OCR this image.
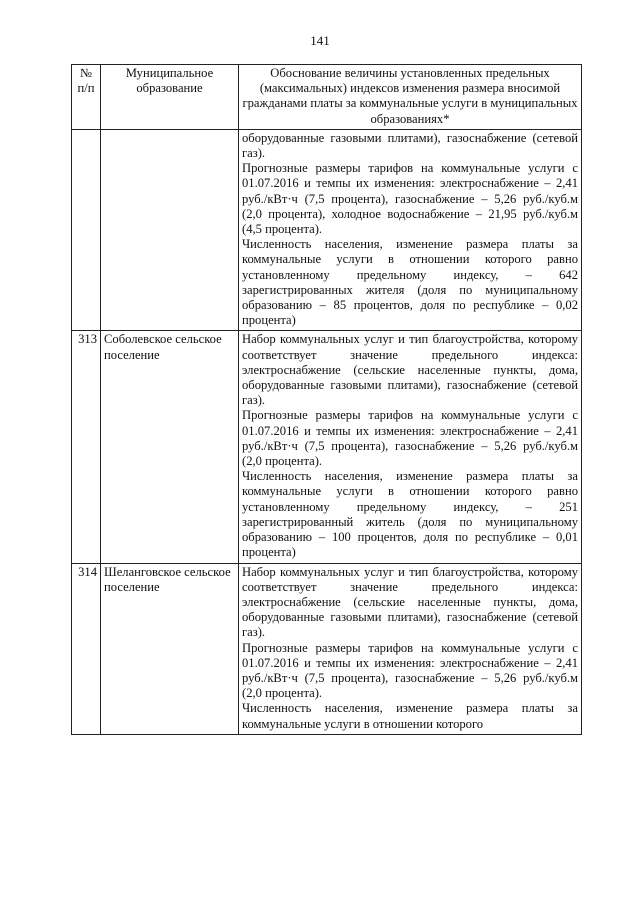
141
№ п/п	Муниципальное образование	Обоснование величины установленных предельных (максимальных) индексов изменения размера вносимой гражданами платы за коммунальные услуги в муниципальных образованиях*

		оборудованные газовыми плитами), газоснабжение (сетевой газ).

Прогнозные размеры тарифов на коммунальные услуги с 01.07.2016 и темпы их изменения: электроснабжение – 2,41 руб./кВт·ч (7,5 процента), газоснабжение – 5,26 руб./куб.м (2,0 процента), холодное водоснабжение – 21,95 руб./куб.м (4,5 процента).

Численность населения, изменение размера платы за коммунальные услуги в отношении которого равно установленному предельному индексу, – 642 зарегистрированных жителя (доля по муниципальному образованию – 85 процентов, доля по республике – 0,02 процента)

313	Соболевское сельское поселение	Набор коммунальных услуг и тип благоустройства, которому соответствует значение предельного индекса: электроснабжение (сельские населенные пункты, дома, оборудованные газовыми плитами), газоснабжение (сетевой газ).

Прогнозные размеры тарифов на коммунальные услуги с 01.07.2016 и темпы их изменения: электроснабжение – 2,41 руб./кВт·ч (7,5 процента), газоснабжение – 5,26 руб./куб.м (2,0 процента).

Численность населения, изменение размера платы за коммунальные услуги в отношении которого равно установленному предельному индексу, – 251 зарегистрированный житель (доля по муниципальному образованию – 100 процентов, доля по республике – 0,01 процента)

314	Шеланговское сельское поселение	Набор коммунальных услуг и тип благоустройства, которому соответствует значение предельного индекса: электроснабжение (сельские населенные пункты, дома, оборудованные газовыми плитами), газоснабжение (сетевой газ).

Прогнозные размеры тарифов на коммунальные услуги с 01.07.2016 и темпы их изменения: электроснабжение – 2,41 руб./кВт·ч (7,5 процента), газоснабжение – 5,26 руб./куб.м (2,0 процента).

Численность населения, изменение размера платы за коммунальные услуги в отношении которого
